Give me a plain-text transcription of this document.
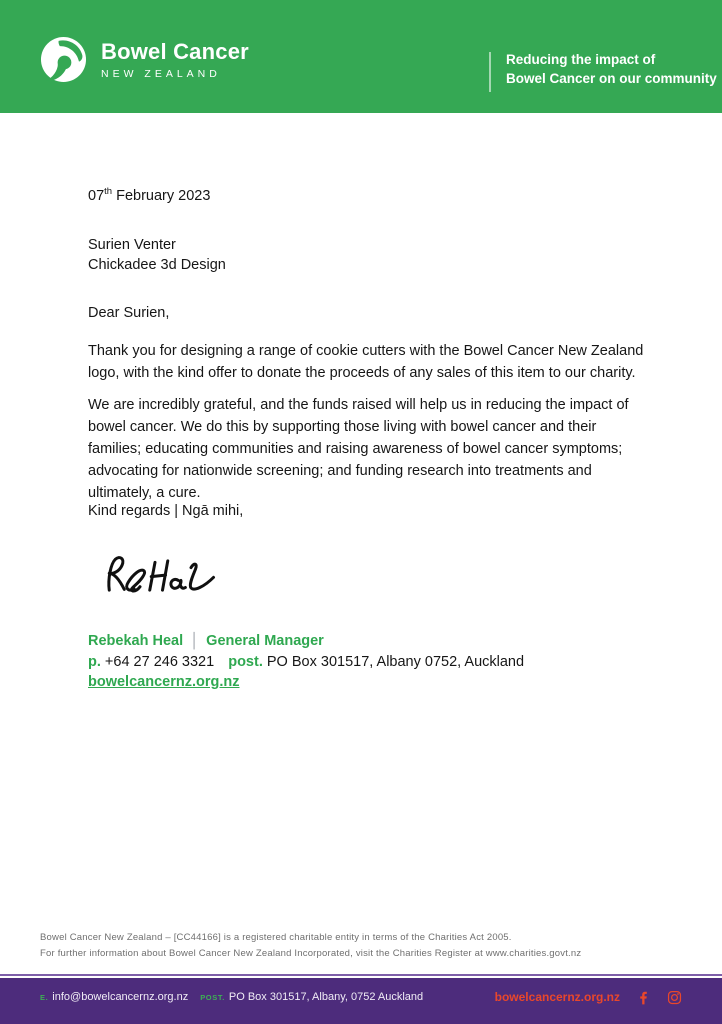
Bowel Cancer
NEW ZEALAND
Reducing the impact of
Bowel Cancer on our community

07th February 2023

Surien Venter
Chickadee 3d Design

Dear Surien,

Thank you for designing a range of cookie cutters with the Bowel Cancer New Zealand logo, with the kind offer to donate the proceeds of any sales of this item to our charity.

We are incredibly grateful, and the funds raised will help us in reducing the impact of bowel cancer. We do this by supporting those living with bowel cancer and their families; educating communities and raising awareness of bowel cancer symptoms; advocating for nationwide screening; and funding research into treatments and ultimately, a cure.

Kind regards | Ngā mihi,

Rebekah Heal │ General Manager
p. +64 27 246 3321 post. PO Box 301517, Albany 0752, Auckland
bowelcancernz.org.nz
Bowel Cancer New Zealand – [CC44166] is a registered charitable entity in terms of the Charities Act 2005.
For further information about Bowel Cancer New Zealand Incorporated, visit the Charities Register at www.charities.govt.nz
E. info@bowelcancernz.org.nz POST. PO Box 301517, Albany, 0752 Auckland	bowelcancernz.org.nz
